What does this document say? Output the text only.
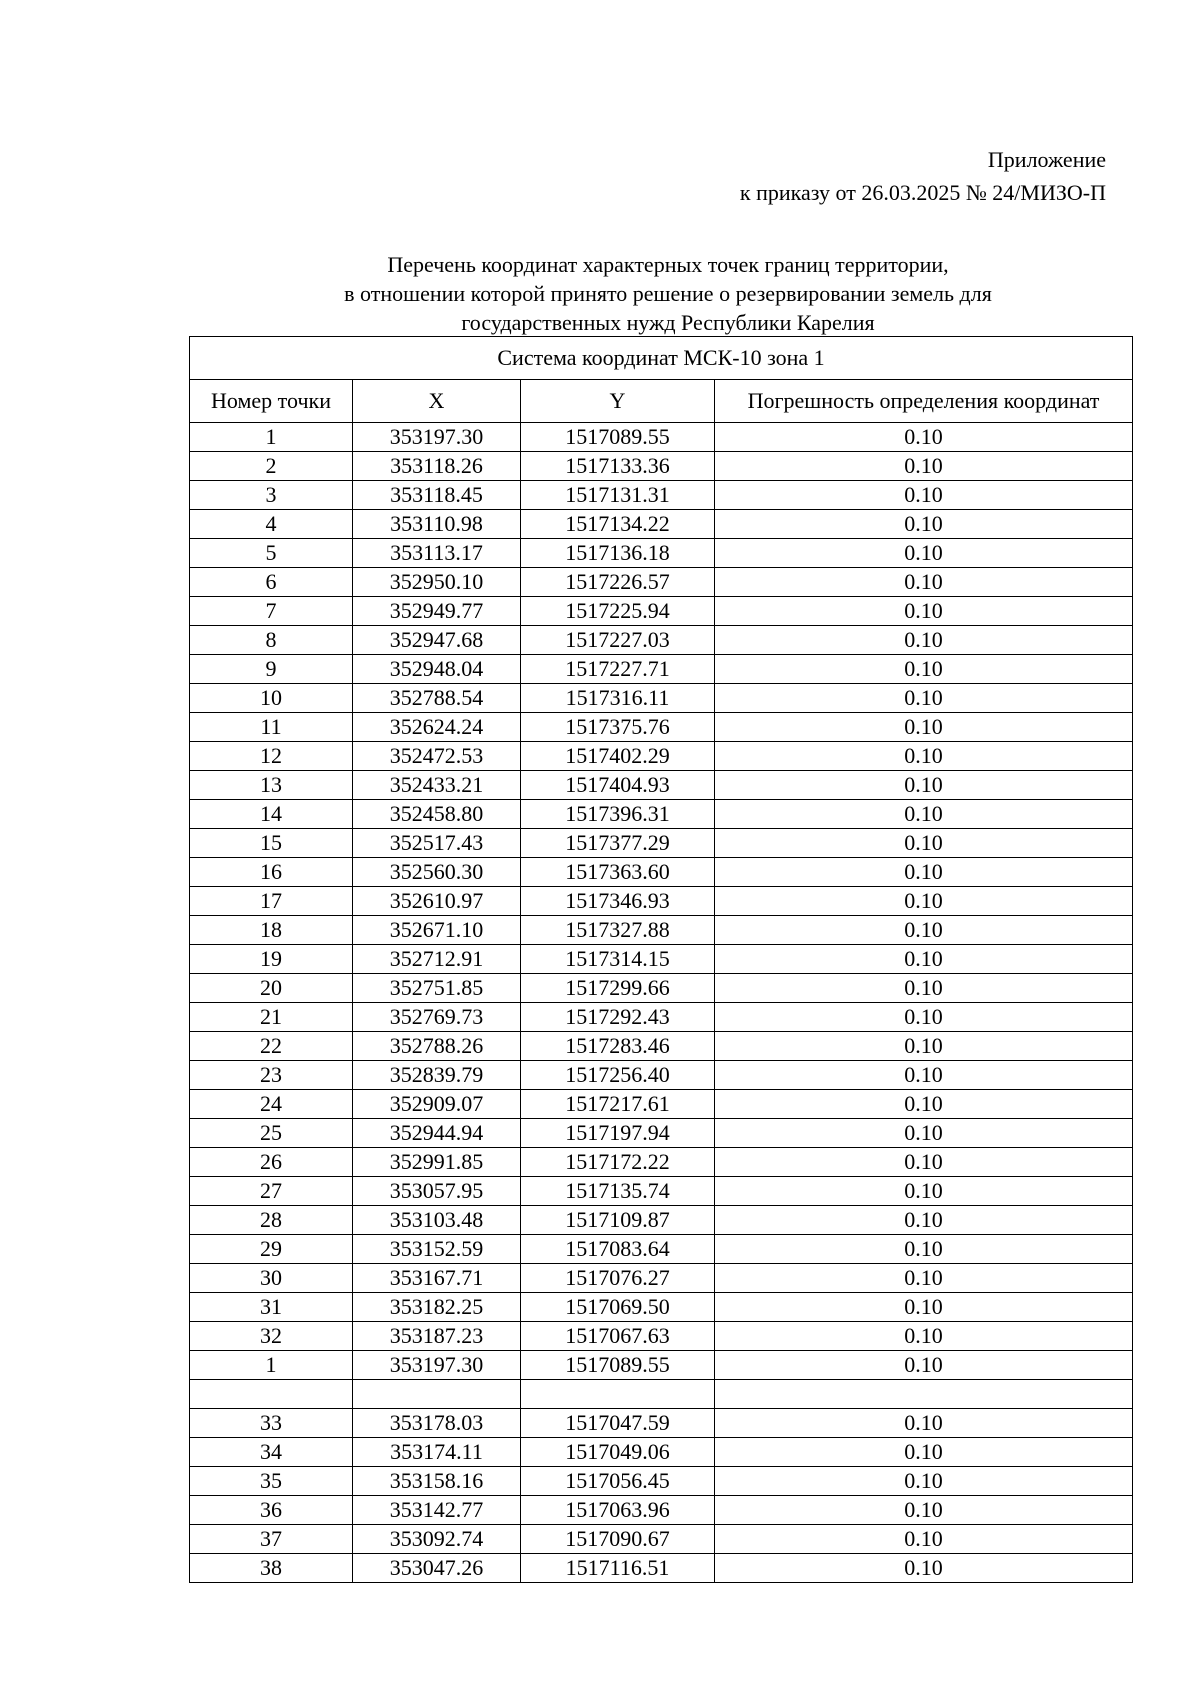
Приложение
к приказу от 26.03.2025 № 24/МИЗО-П
Перечень координат характерных точек границ территории,
в отношении которой принято решение о резервировании земель для
государственных нужд Республики Карелия
Система координат МСК-10 зона 1			
Номер точки	X	Y	Погрешность определения координат
1	353197.30	1517089.55	0.10
2	353118.26	1517133.36	0.10
3	353118.45	1517131.31	0.10
4	353110.98	1517134.22	0.10
5	353113.17	1517136.18	0.10
6	352950.10	1517226.57	0.10
7	352949.77	1517225.94	0.10
8	352947.68	1517227.03	0.10
9	352948.04	1517227.71	0.10
10	352788.54	1517316.11	0.10
11	352624.24	1517375.76	0.10
12	352472.53	1517402.29	0.10
13	352433.21	1517404.93	0.10
14	352458.80	1517396.31	0.10
15	352517.43	1517377.29	0.10
16	352560.30	1517363.60	0.10
17	352610.97	1517346.93	0.10
18	352671.10	1517327.88	0.10
19	352712.91	1517314.15	0.10
20	352751.85	1517299.66	0.10
21	352769.73	1517292.43	0.10
22	352788.26	1517283.46	0.10
23	352839.79	1517256.40	0.10
24	352909.07	1517217.61	0.10
25	352944.94	1517197.94	0.10
26	352991.85	1517172.22	0.10
27	353057.95	1517135.74	0.10
28	353103.48	1517109.87	0.10
29	353152.59	1517083.64	0.10
30	353167.71	1517076.27	0.10
31	353182.25	1517069.50	0.10
32	353187.23	1517067.63	0.10
1	353197.30	1517089.55	0.10

33	353178.03	1517047.59	0.10
34	353174.11	1517049.06	0.10
35	353158.16	1517056.45	0.10
36	353142.77	1517063.96	0.10
37	353092.74	1517090.67	0.10
38	353047.26	1517116.51	0.10
